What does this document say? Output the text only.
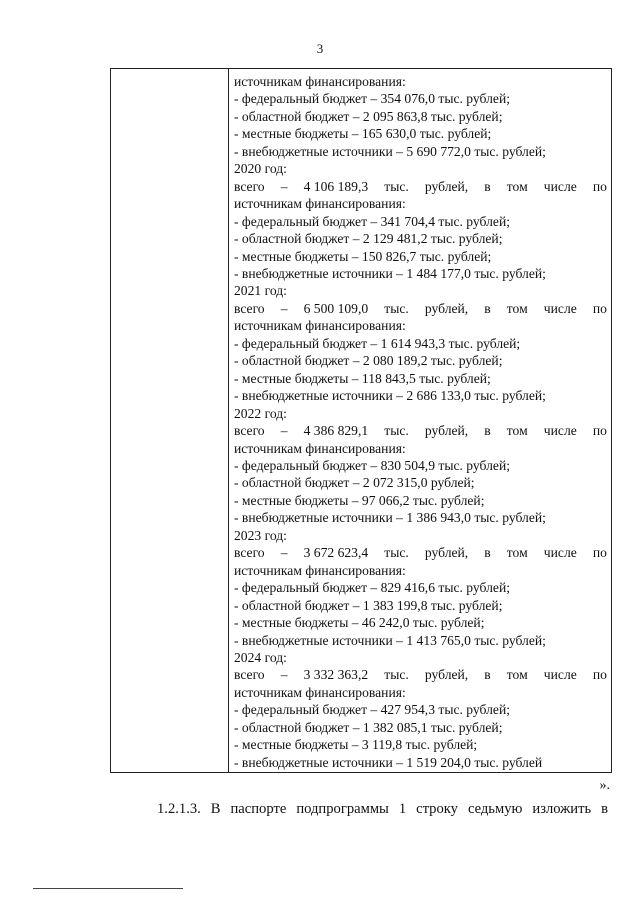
3

источникам финансирования:
- федеральный бюджет – 354 076,0 тыс. рублей;
- областной бюджет – 2 095 863,8 тыс. рублей;
- местные бюджеты – 165 630,0 тыс. рублей;
- внебюджетные источники – 5 690 772,0 тыс. рублей;
2020 год:
всего – 4 106 189,3 тыс. рублей, в том числе по
источникам финансирования:
- федеральный бюджет – 341 704,4 тыс. рублей;
- областной бюджет – 2 129 481,2 тыс. рублей;
- местные бюджеты – 150 826,7 тыс. рублей;
- внебюджетные источники – 1 484 177,0 тыс. рублей;
2021 год:
всего – 6 500 109,0 тыс. рублей, в том числе по
источникам финансирования:
- федеральный бюджет – 1 614 943,3 тыс. рублей;
- областной бюджет – 2 080 189,2 тыс. рублей;
- местные бюджеты – 118 843,5 тыс. рублей;
- внебюджетные источники – 2 686 133,0 тыс. рублей;
2022 год:
всего – 4 386 829,1 тыс. рублей, в том числе по
источникам финансирования:
- федеральный бюджет – 830 504,9 тыс. рублей;
- областной бюджет – 2 072 315,0 рублей;
- местные бюджеты – 97 066,2 тыс. рублей;
- внебюджетные источники – 1 386 943,0 тыс. рублей;
2023 год:
всего – 3 672 623,4 тыс. рублей, в том числе по
источникам финансирования:
- федеральный бюджет – 829 416,6 тыс. рублей;
- областной бюджет – 1 383 199,8 тыс. рублей;
- местные бюджеты – 46 242,0 тыс. рублей;
- внебюджетные источники – 1 413 765,0 тыс. рублей;
2024 год:
всего – 3 332 363,2 тыс. рублей, в том числе по
источникам финансирования:
- федеральный бюджет – 427 954,3 тыс. рублей;
- областной бюджет – 1 382 085,1 тыс. рублей;
- местные бюджеты – 3 119,8 тыс. рублей;
- внебюджетные источники – 1 519 204,0 тыс. рублей
».
1.2.1.3. В паспорте подпрограммы 1 строку седьмую изложить в
